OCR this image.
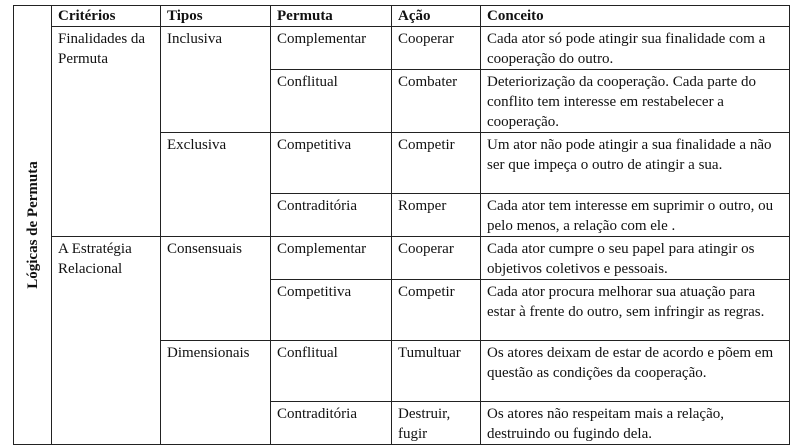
Lógicas de Permuta	Critérios	Tipos	Permuta	Ação	Conceito
	Finalidades da Permuta	Inclusiva	Complementar	Cooperar	Cada ator só pode atingir sua finalidade com a cooperação do outro.
			Conflitual	Combater	Deteriorização da cooperação. Cada parte do conflito tem interesse em restabelecer a cooperação.
		Exclusiva	Competitiva	Competir	Um ator não pode atingir a sua finalidade a não ser que impeça o outro de atingir a sua.
			Contraditória	Romper	Cada ator tem interesse em suprimir o outro, ou pelo menos, a relação com ele .
	A Estratégia Relacional	Consensuais	Complementar	Cooperar	Cada ator cumpre o seu papel para atingir os objetivos coletivos e pessoais.
			Competitiva	Competir	Cada ator procura melhorar sua atuação para estar à frente do outro, sem infringir as regras.
		Dimensionais	Conflitual	Tumultuar	Os atores deixam de estar de acordo e põem em questão as condições da cooperação.
			Contraditória	Destruir, fugir	Os atores não respeitam mais a relação, destruindo ou fugindo dela.
